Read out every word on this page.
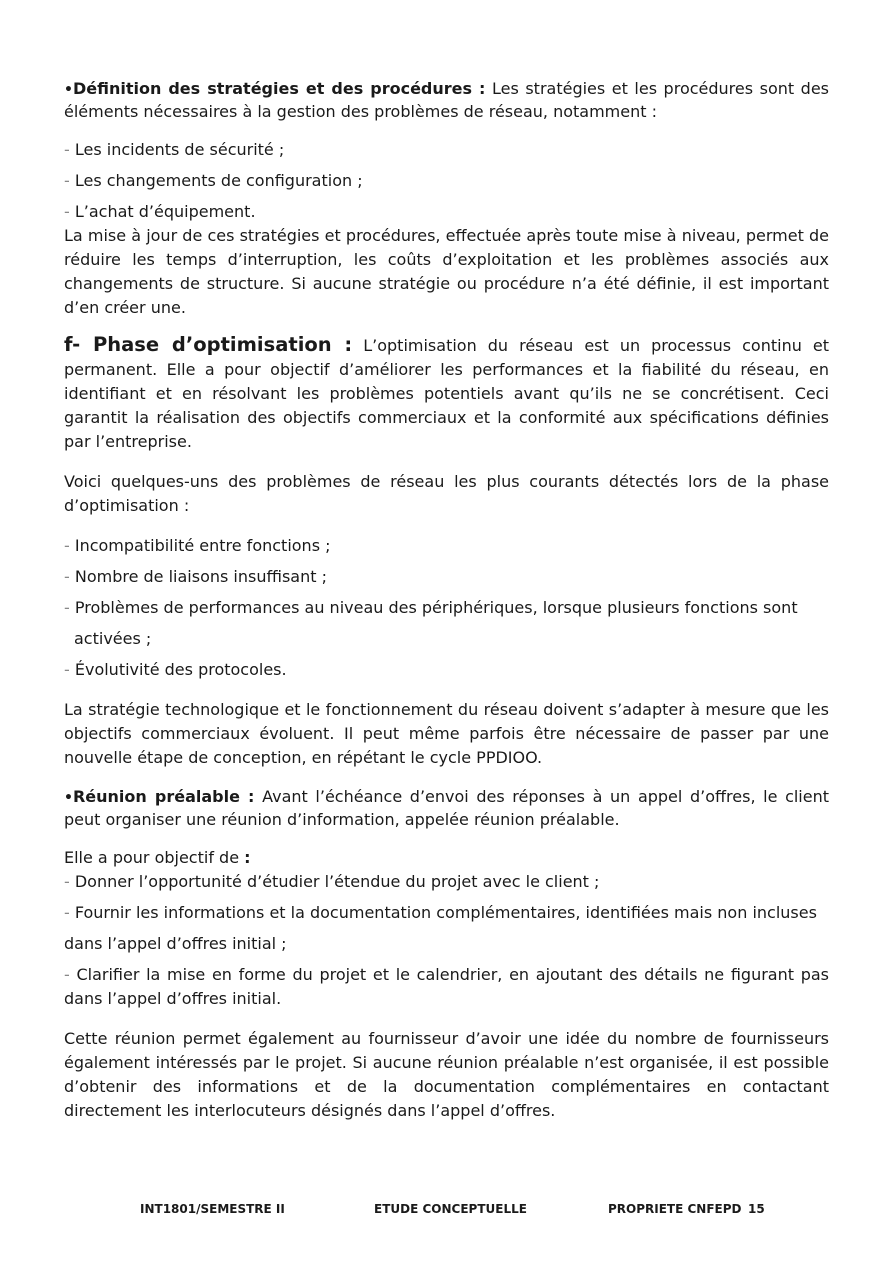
•Définition des stratégies et des procédures : Les stratégies et les procédures sont des éléments nécessaires à la gestion des problèmes de réseau, notamment :

- Les incidents de sécurité ;

- Les changements de configuration ;

- L’achat d’équipement.

La mise à jour de ces stratégies et procédures, effectuée après toute mise à niveau, permet de réduire les temps d’interruption, les coûts d’exploitation et les problèmes associés aux changements de structure. Si aucune stratégie ou procédure n’a été définie, il est important d’en créer une.

f- Phase d’optimisation : L’optimisation du réseau est un processus continu et permanent. Elle a pour objectif d’améliorer les performances et la fiabilité du réseau, en identifiant et en résolvant les problèmes potentiels avant qu’ils ne se concrétisent. Ceci garantit la réalisation des objectifs commerciaux et la conformité aux spécifications définies par l’entreprise.

Voici quelques-uns des problèmes de réseau les plus courants détectés lors de la phase d’optimisation :

- Incompatibilité entre fonctions ;

- Nombre de liaisons insuffisant ;

- Problèmes de performances au niveau des périphériques, lorsque plusieurs fonctions sont

activées ;

- Évolutivité des protocoles.

La stratégie technologique et le fonctionnement du réseau doivent s’adapter à mesure que les objectifs commerciaux évoluent. Il peut même parfois être nécessaire de passer par une nouvelle étape de conception, en répétant le cycle PPDIOO.

•Réunion préalable : Avant l’échéance d’envoi des réponses à un appel d’offres, le client peut organiser une réunion d’information, appelée réunion préalable.

Elle a pour objectif de :

- Donner l’opportunité d’étudier l’étendue du projet avec le client ;

- Fournir les informations et la documentation complémentaires, identifiées mais non incluses

dans l’appel d’offres initial ;

- Clarifier la mise en forme du projet et le calendrier, en ajoutant des détails ne figurant pas dans l’appel d’offres initial.

Cette réunion permet également au fournisseur d’avoir une idée du nombre de fournisseurs également intéressés par le projet. Si aucune réunion préalable n’est organisée, il est possible d’obtenir des informations et de la documentation complémentaires en contactant directement les interlocuteurs désignés dans l’appel d’offres.

INT1801/SEMESTRE II	ETUDE CONCEPTUELLE	PROPRIETE CNFEPD 15
